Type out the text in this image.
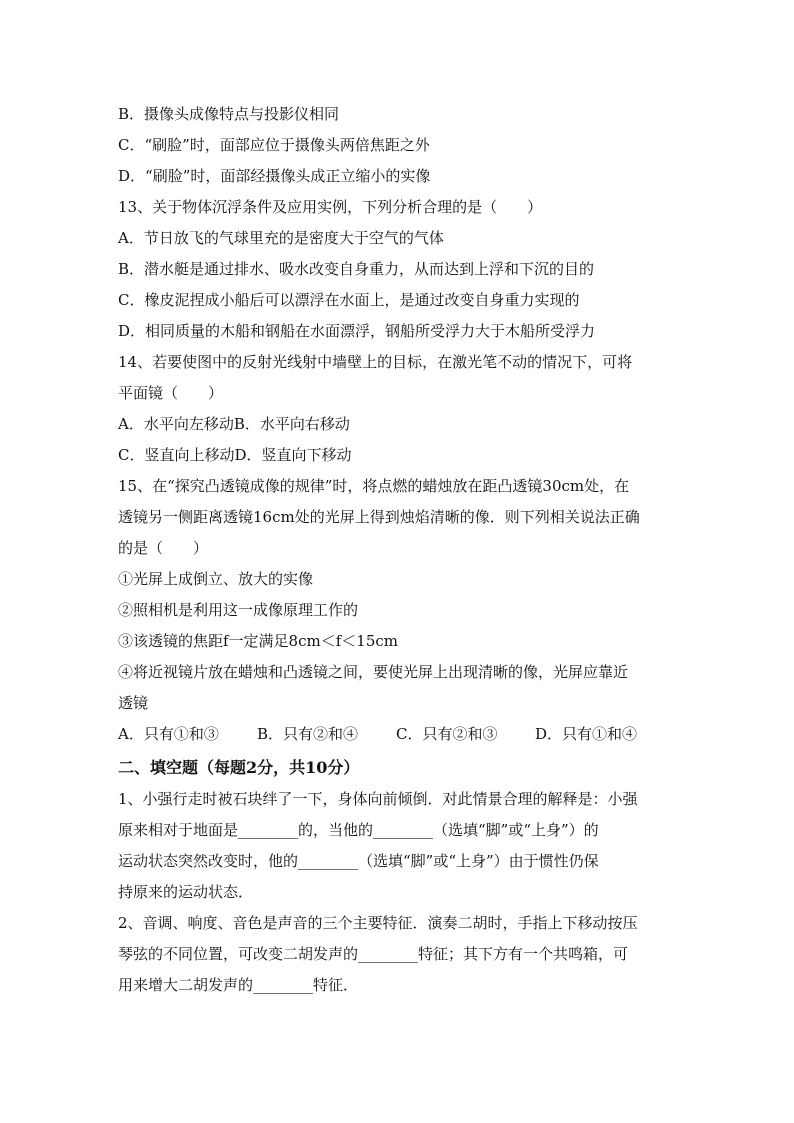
B．摄像头成像特点与投影仪相同
C．“刷脸”时，面部应位于摄像头两倍焦距之外
D．“刷脸”时，面部经摄像头成正立缩小的实像
13、关于物体沉浮条件及应用实例，下列分析合理的是（　　）
A．节日放飞的气球里充的是密度大于空气的气体
B．潜水艇是通过排水、吸水改变自身重力，从而达到上浮和下沉的目的
C．橡皮泥捏成小船后可以漂浮在水面上，是通过改变自身重力实现的
D．相同质量的木船和钢船在水面漂浮，钢船所受浮力大于木船所受浮力
14、若要使图中的反射光线射中墙壁上的目标，在激光笔不动的情况下，可将
平面镜（　　）
A．水平向左移动B．水平向右移动
C．竖直向上移动D．竖直向下移动
15、在“探究凸透镜成像的规律”时，将点燃的蜡烛放在距凸透镜30cm处，在
透镜另一侧距离透镜16cm处的光屏上得到烛焰清晰的像．则下列相关说法正确
的是（　　）
①光屏上成倒立、放大的实像
②照相机是利用这一成像原理工作的
③该透镜的焦距f一定满足8cm＜f＜15cm
④将近视镜片放在蜡烛和凸透镜之间，要使光屏上出现清晰的像，光屏应靠近
透镜
A．只有①和③	B．只有②和④	C．只有②和③	D．只有①和④
二、填空题（每题2分，共10分）
1、小强行走时被石块绊了一下，身体向前倾倒．对此情景合理的解释是：小强
原来相对于地面是________的，当他的________（选填“脚”或“上身”）的
运动状态突然改变时，他的________（选填“脚”或“上身”）由于惯性仍保
持原来的运动状态．
2、音调、响度、音色是声音的三个主要特征．演奏二胡时，手指上下移动按压
琴弦的不同位置，可改变二胡发声的________特征；其下方有一个共鸣箱，可
用来增大二胡发声的________特征．
